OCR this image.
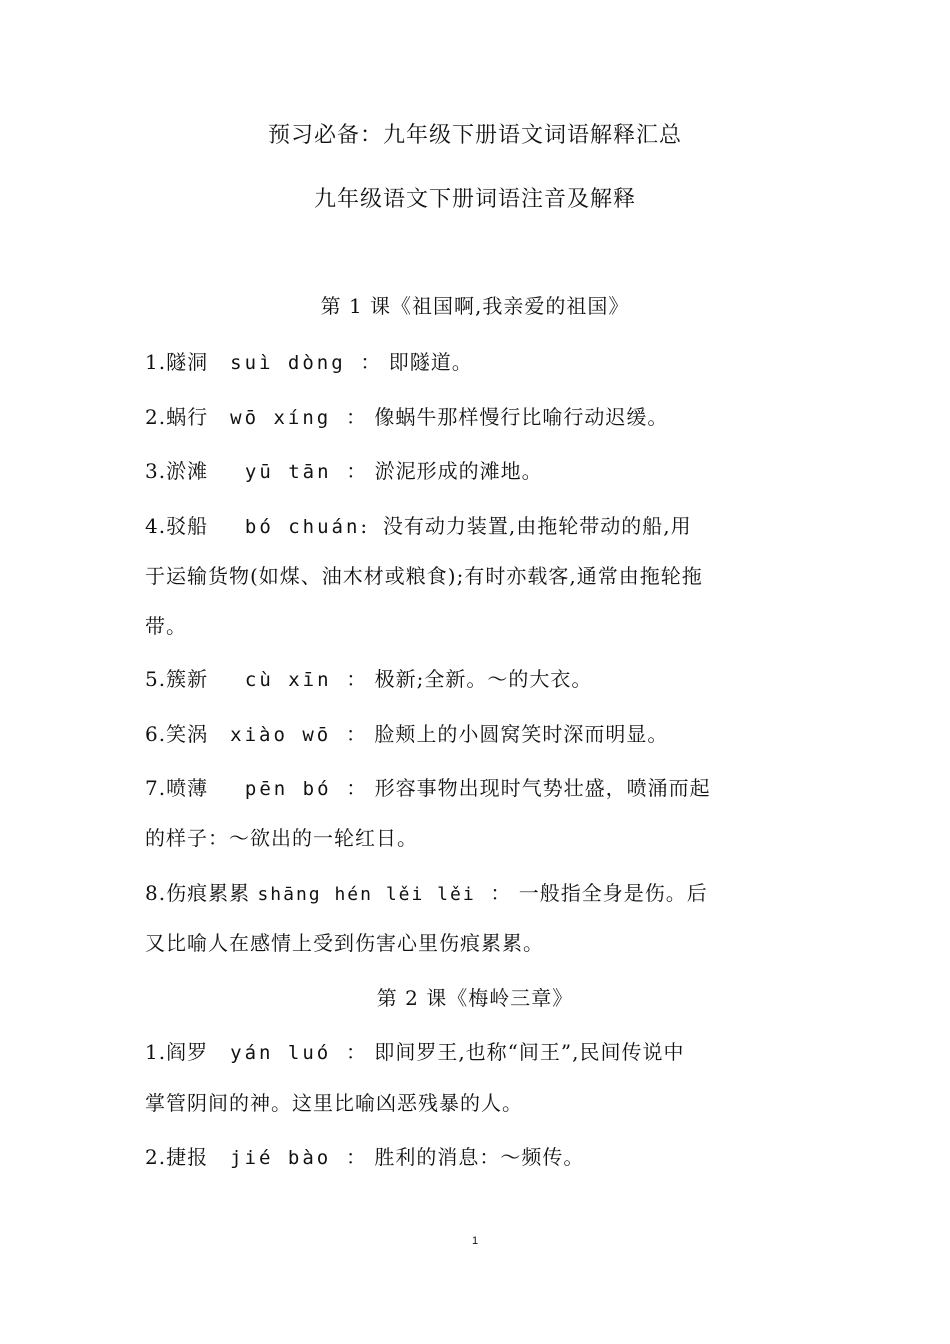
预习必备：九年级下册语文词语解释汇总
九年级语文下册词语注音及解释
第 1 课《祖国啊,我亲爱的祖国》

1.隧洞 suì dòng ： 即隧道。

2.蜗行 wō xíng ： 像蜗牛那样慢行比喻行动迟缓。

3.淤滩 yū tān ： 淤泥形成的滩地。

4.驳船 bó chuán: 没有动力装置,由拖轮带动的船,用

于运输货物(如煤、油木材或粮食);有时亦载客,通常由拖轮拖

带。

5.簇新 cù xīn ： 极新;全新。～的大衣。

6.笑涡 xiào wō ： 脸颊上的小圆窝笑时深而明显。

7.喷薄 pēn bó ： 形容事物出现时气势壮盛，喷涌而起

的样子：～欲出的一轮红日。

8.伤痕累累 shāng hén lěi lěi ： 一般指全身是伤。后

又比喻人在感情上受到伤害心里伤痕累累。

第 2 课《梅岭三章》

1.阎罗 yán luó ： 即间罗王,也称“间王”,民间传说中

掌管阴间的神。这里比喻凶恶残暴的人。

2.捷报 jié bào ： 胜利的消息：～频传。

1
